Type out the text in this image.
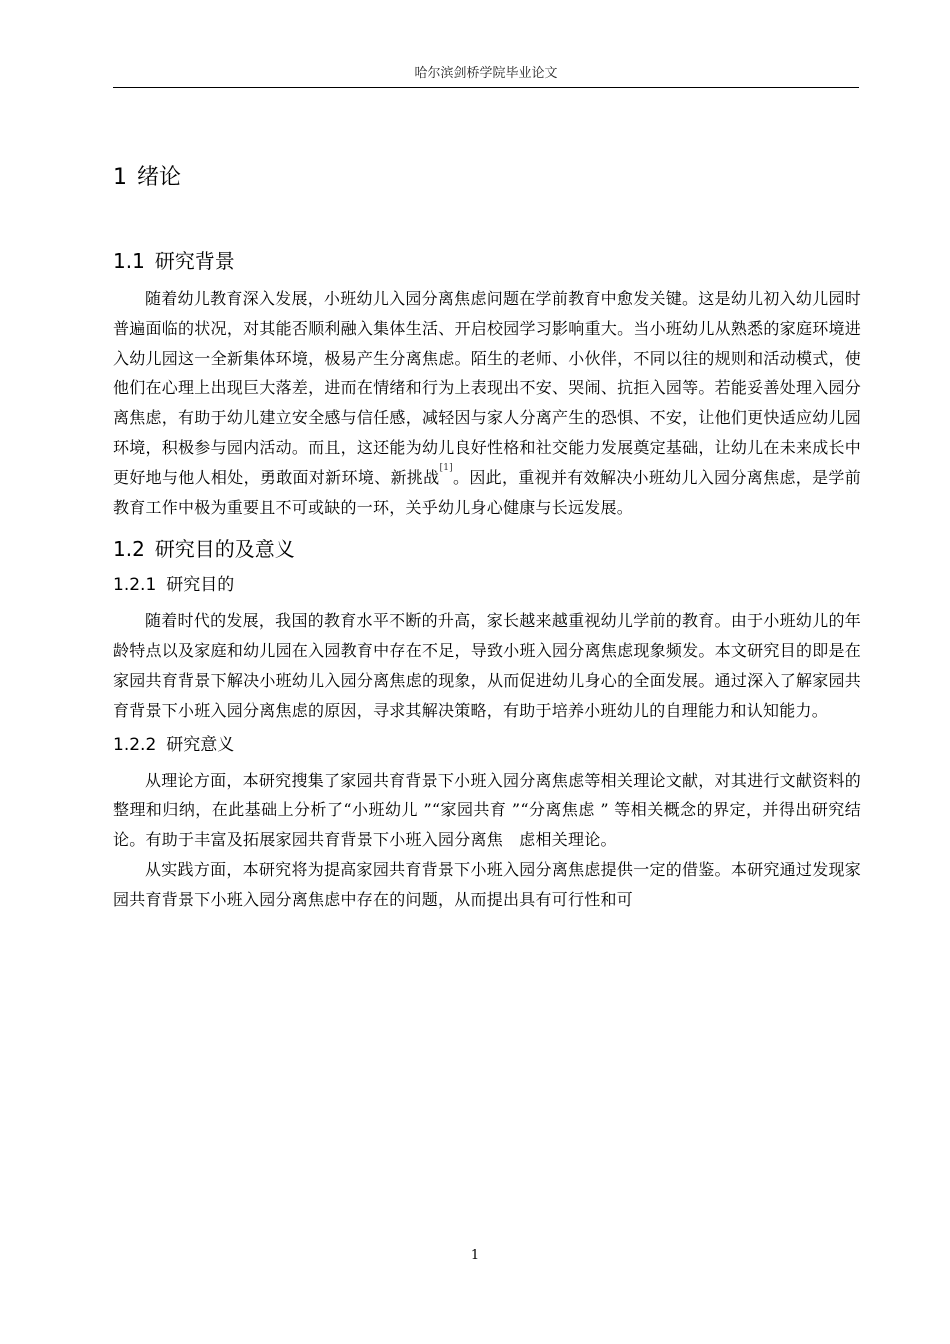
哈尔滨剑桥学院毕业论文
1 绪论
1.1 研究背景

随着幼儿教育深入发展，小班幼儿入园分离焦虑问题在学前教育中愈发关键。这是幼儿初入幼儿园时普遍面临的状况，对其能否顺利融入集体生活、开启校园学习影响重大。当小班幼儿从熟悉的家庭环境进入幼儿园这一全新集体环境，极易产生分离焦虑。陌生的老师、小伙伴，不同以往的规则和活动模式，使他们在心理上出现巨大落差，进而在情绪和行为上表现出不安、哭闹、抗拒入园等。若能妥善处理入园分离焦虑，有助于幼儿建立安全感与信任感，减轻因与家人分离产生的恐惧、不安，让他们更快适应幼儿园环境，积极参与园内活动。而且，这还能为幼儿良好性格和社交能力发展奠定基础，让幼儿在未来成长中更好地与他人相处，勇敢面对新环境、新挑战[1]。因此，重视并有效解决小班幼儿入园分离焦虑，是学前教育工作中极为重要且不可或缺的一环，关乎幼儿身心健康与长远发展。

1.2 研究目的及意义
1.2.1 研究目的

随着时代的发展，我国的教育水平不断的升高，家长越来越重视幼儿学前的教育。由于小班幼儿的年龄特点以及家庭和幼儿园在入园教育中存在不足，导致小班入园分离焦虑现象频发。本文研究目的即是在家园共育背景下解决小班幼儿入园分离焦虑的现象，从而促进幼儿身心的全面发展。通过深入了解家园共育背景下小班入园分离焦虑的原因，寻求其解决策略，有助于培养小班幼儿的自理能力和认知能力。

1.2.2 研究意义

从理论方面，本研究搜集了家园共育背景下小班入园分离焦虑等相关理论文献，对其进行文献资料的整理和归纳，在此基础上分析了“小班幼儿 ”“家园共育 ”“分离焦虑 ” 等相关概念的界定，并得出研究结论。有助于丰富及拓展家园共育背景下小班入园分离焦　虑相关理论。

从实践方面，本研究将为提高家园共育背景下小班入园分离焦虑提供一定的借鉴。本研究通过发现家园共育背景下小班入园分离焦虑中存在的问题，从而提出具有可行性和可

1
